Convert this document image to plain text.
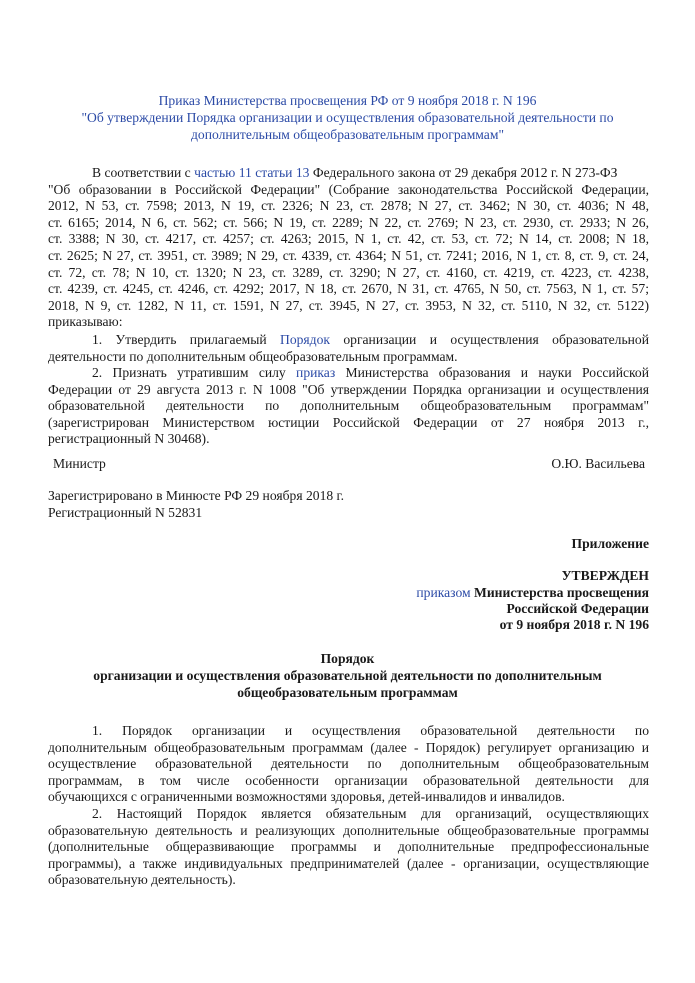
Приказ Министерства просвещения РФ от 9 ноября 2018 г. N 196
"Об утверждении Порядка организации и осуществления образовательной деятельности по
дополнительным общеобразовательным программам"
В соответствии с частью 11 статьи 13 Федерального закона от 29 декабря 2012 г. N 273-ФЗ
"Об образовании в Российской Федерации" (Собрание законодательства Российской Федерации,
2012, N 53, ст. 7598; 2013, N 19, ст. 2326; N 23, ст. 2878; N 27, ст. 3462; N 30, ст. 4036; N 48,
ст. 6165; 2014, N 6, ст. 562; ст. 566; N 19, ст. 2289; N 22, ст. 2769; N 23, ст. 2930, ст. 2933; N 26,
ст. 3388; N 30, ст. 4217, ст. 4257; ст. 4263; 2015, N 1, ст. 42, ст. 53, ст. 72; N 14, ст. 2008; N 18,
ст. 2625; N 27, ст. 3951, ст. 3989; N 29, ст. 4339, ст. 4364; N 51, ст. 7241; 2016, N 1, ст. 8, ст. 9, ст. 24,
ст. 72, ст. 78; N 10, ст. 1320; N 23, ст. 3289, ст. 3290; N 27, ст. 4160, ст. 4219, ст. 4223, ст. 4238,
ст. 4239, ст. 4245, ст. 4246, ст. 4292; 2017, N 18, ст. 2670, N 31, ст. 4765, N 50, ст. 7563, N 1, ст. 57;
2018, N 9, ст. 1282, N 11, ст. 1591, N 27, ст. 3945, N 27, ст. 3953, N 32, ст. 5110, N 32, ст. 5122)
приказываю:
1. Утвердить прилагаемый Порядок организации и осуществления образовательной
деятельности по дополнительным общеобразовательным программам.
2. Признать утратившим силу приказ Министерства образования и науки Российской
Федерации от 29 августа 2013 г. N 1008 "Об утверждении Порядка организации и осуществления
образовательной деятельности по дополнительным общеобразовательным программам"
(зарегистрирован Министерством юстиции Российской Федерации от 27 ноября 2013 г.,
регистрационный N 30468).
Министр	О.Ю. Васильева
Зарегистрировано в Минюсте РФ 29 ноября 2018 г.
Регистрационный N 52831
Приложение
УТВЕРЖДЕН
приказом Министерства просвещения
Российской Федерации
от 9 ноября 2018 г. N 196
Порядок
организации и осуществления образовательной деятельности по дополнительным
общеобразовательным программам
1. Порядок организации и осуществления образовательной деятельности по
дополнительным общеобразовательным программам (далее - Порядок) регулирует организацию и
осуществление образовательной деятельности по дополнительным общеобразовательным
программам, в том числе особенности организации образовательной деятельности для
обучающихся с ограниченными возможностями здоровья, детей-инвалидов и инвалидов.
2. Настоящий Порядок является обязательным для организаций, осуществляющих
образовательную деятельность и реализующих дополнительные общеобразовательные программы
(дополнительные общеразвивающие программы и дополнительные предпрофессиональные
программы), а также индивидуальных предпринимателей (далее - организации, осуществляющие
образовательную деятельность).
